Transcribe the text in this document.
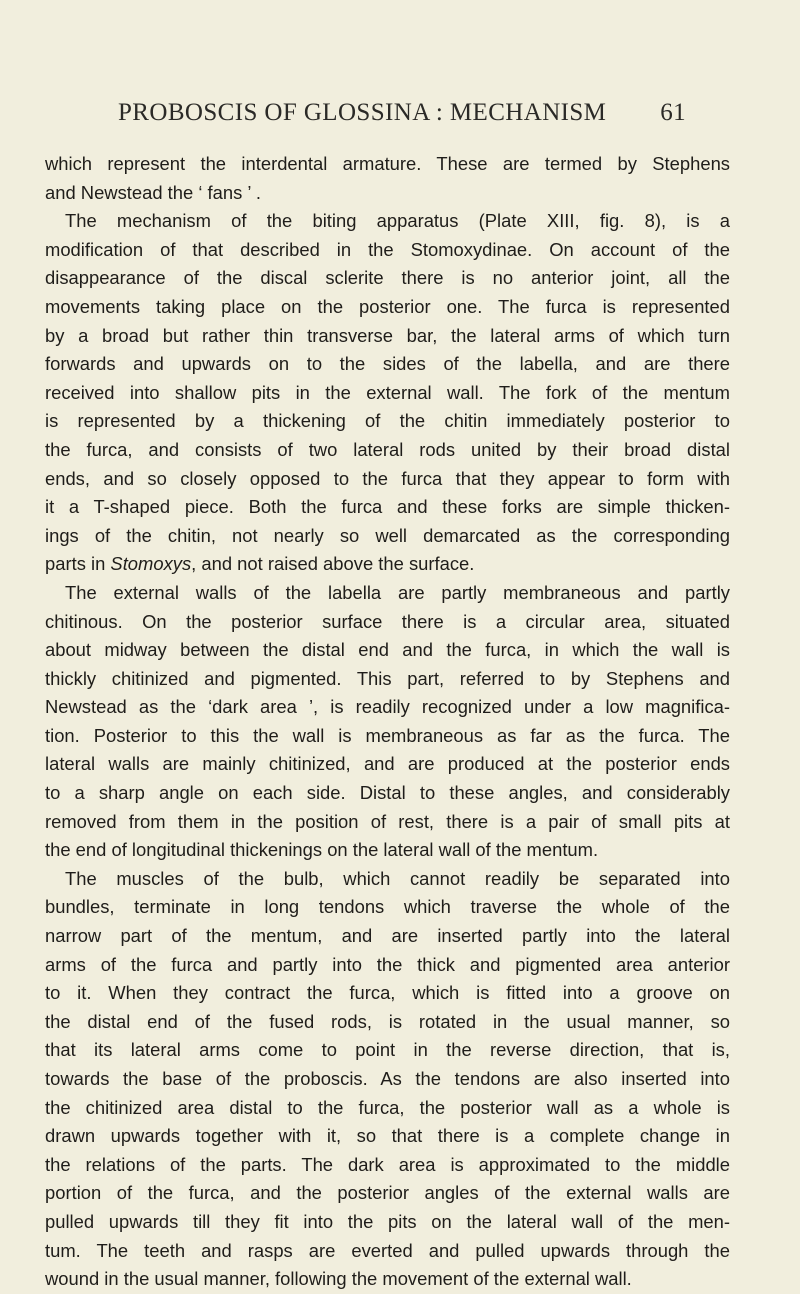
PROBOSCIS OF GLOSSINA : MECHANISM 61
which represent the interdental armature. These are termed by Stephens
and Newstead the ‘ fans ’ .
The mechanism of the biting apparatus (Plate XIII, fig. 8), is a
modification of that described in the Stomoxydinae. On account of the
disappearance of the discal sclerite there is no anterior joint, all the
movements taking place on the posterior one. The furca is represented
by a broad but rather thin transverse bar, the lateral arms of which turn
forwards and upwards on to the sides of the labella, and are there
received into shallow pits in the external wall. The fork of the mentum
is represented by a thickening of the chitin immediately posterior to
the furca, and consists of two lateral rods united by their broad distal
ends, and so closely opposed to the furca that they appear to form with
it a T-shaped piece. Both the furca and these forks are simple thicken-
ings of the chitin, not nearly so well demarcated as the corresponding
parts in Stomoxys, and not raised above the surface.
The external walls of the labella are partly membraneous and partly
chitinous. On the posterior surface there is a circular area, situated
about midway between the distal end and the furca, in which the wall is
thickly chitinized and pigmented. This part, referred to by Stephens and
Newstead as the ‘dark area ’, is readily recognized under a low magnifica-
tion. Posterior to this the wall is membraneous as far as the furca. The
lateral walls are mainly chitinized, and are produced at the posterior ends
to a sharp angle on each side. Distal to these angles, and considerably
removed from them in the position of rest, there is a pair of small pits at
the end of longitudinal thickenings on the lateral wall of the mentum.
The muscles of the bulb, which cannot readily be separated into
bundles, terminate in long tendons which traverse the whole of the
narrow part of the mentum, and are inserted partly into the lateral
arms of the furca and partly into the thick and pigmented area anterior
to it. When they contract the furca, which is fitted into a groove on
the distal end of the fused rods, is rotated in the usual manner, so
that its lateral arms come to point in the reverse direction, that is,
towards the base of the proboscis. As the tendons are also inserted into
the chitinized area distal to the furca, the posterior wall as a whole is
drawn upwards together with it, so that there is a complete change in
the relations of the parts. The dark area is approximated to the middle
portion of the furca, and the posterior angles of the external walls are
pulled upwards till they fit into the pits on the lateral wall of the men-
tum. The teeth and rasps are everted and pulled upwards through the
wound in the usual manner, following the movement of the external wall.
